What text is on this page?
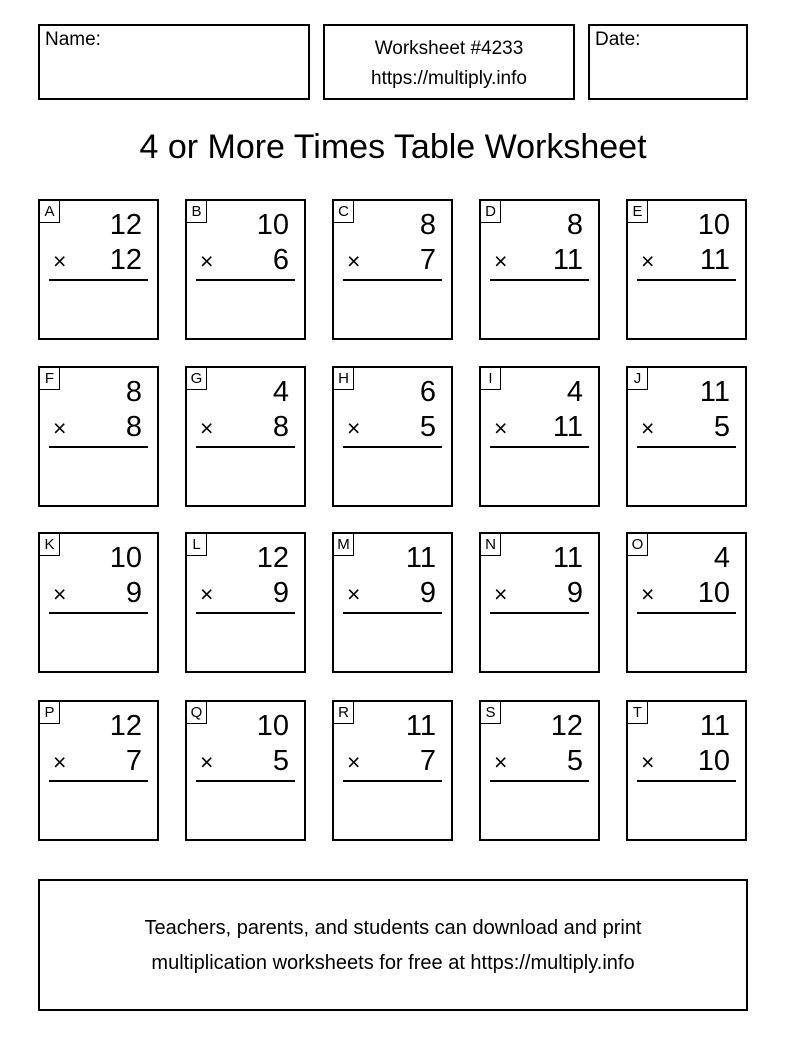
Name:	Worksheet #4233
https://multiply.info
Date:
4 or More Times Table Worksheet
A 12
× 12
B 10
× 6
C 8
× 7
D 8
× 11
E 10
× 11
F 8
× 8
G 4
× 8
H 6
× 5
I	4
× 11
J 11
× 5
K 10
× 9
L 12
× 9
M 11
× 9
N 11
× 9
O 4
× 10
P 12
× 7
Q 10
× 5
R 11
× 7
S 12
× 5
T 11
× 10
Teachers, parents, and students can download and print
multiplication worksheets for free at https://multiply.info
